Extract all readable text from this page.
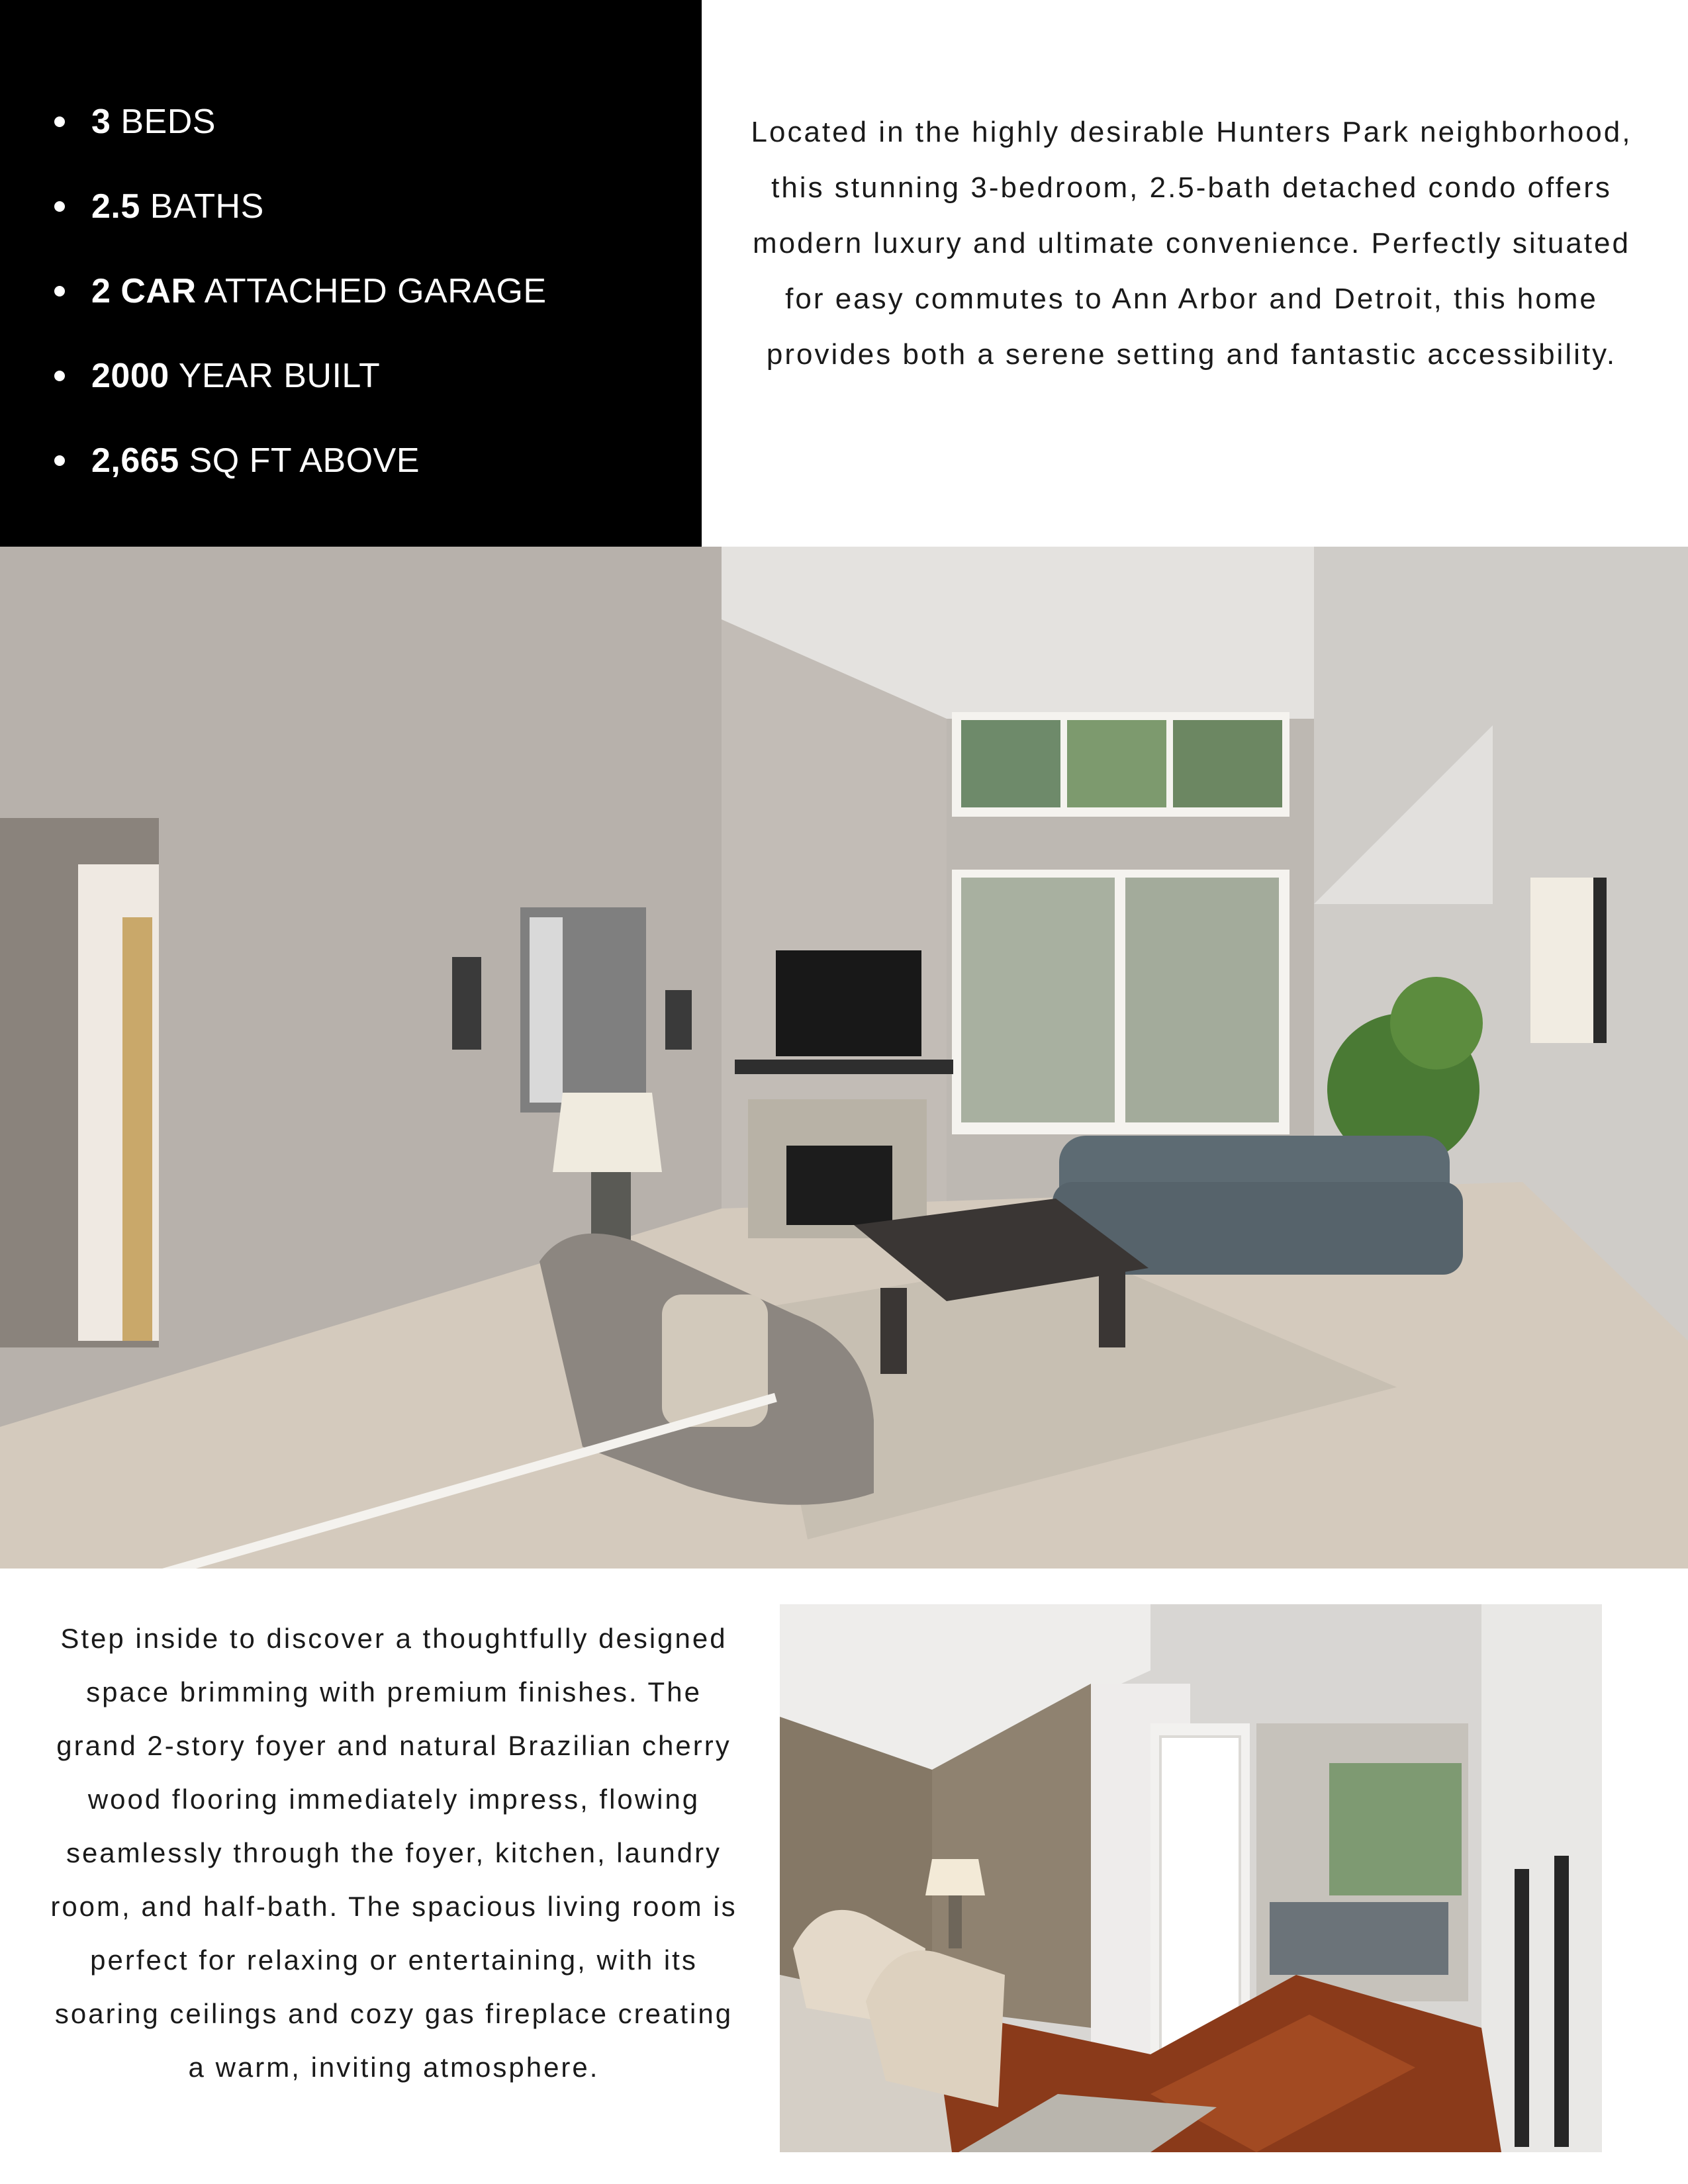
3 BEDS
2.5 BATHS
2 CAR ATTACHED GARAGE
2000 YEAR BUILT
2,665 SQ FT ABOVE

Located in the highly desirable Hunters Park neighborhood, this stunning 3-bedroom, 2.5-bath detached condo offers modern luxury and ultimate convenience. Perfectly situated for easy commutes to Ann Arbor and Detroit, this home provides both a serene setting and fantastic accessibility.

Step inside to discover a thoughtfully designed space brimming with premium finishes. The grand 2-story foyer and natural Brazilian cherry wood flooring immediately impress, flowing seamlessly through the foyer, kitchen, laundry room, and half-bath. The spacious living room is perfect for relaxing or entertaining, with its soaring ceilings and cozy gas fireplace creating a warm, inviting atmosphere.
